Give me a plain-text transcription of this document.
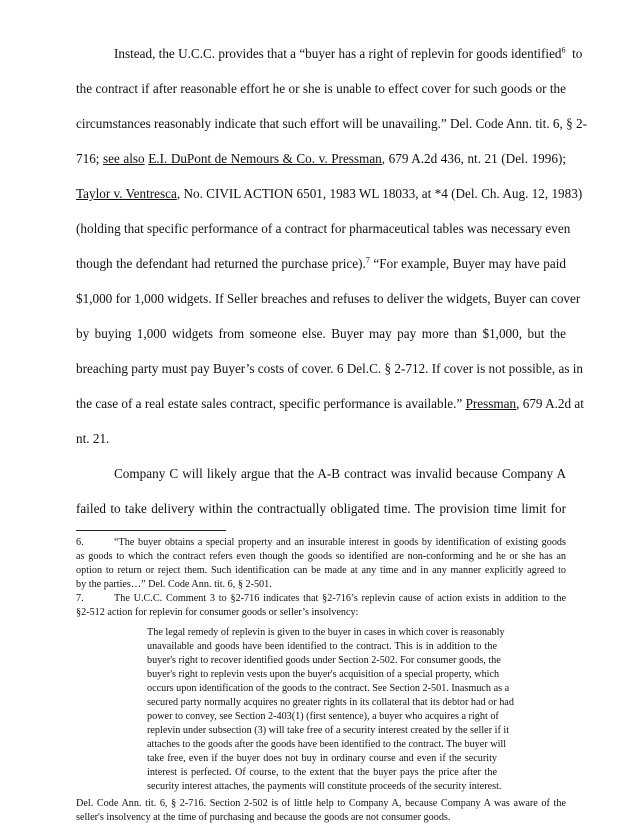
Instead, the U.C.C. provides that a “buyer has a right of replevin for goods identified$^6$ to
the contract if after reasonable effort he or she is unable to effect cover for such goods or the
circumstances reasonably indicate that such effort will be unavailing.” Del. Code Ann. tit. 6, § 2-
716; see also E.I. DuPont de Nemours & Co. v. Pressman, 679 A.2d 436, nt. 21 (Del. 1996);
Taylor v. Ventresca, No. CIVIL ACTION 6501, 1983 WL 18033, at *4 (Del. Ch. Aug. 12, 1983)
(holding that specific performance of a contract for pharmaceutical tables was necessary even
though the defendant had returned the purchase price).$^7$ “For example, Buyer may have paid
$1,000 for 1,000 widgets. If Seller breaches and refuses to deliver the widgets, Buyer can cover
by buying 1,000 widgets from someone else. Buyer may pay more than $1,000, but the
breaching party must pay Buyer’s costs of cover. 6 Del.C. § 2-712. If cover is not possible, as in
the case of a real estate sales contract, specific performance is available.” Pressman, 679 A.2d at
nt. 21.
Company C will likely argue that the A-B contract was invalid because Company A
failed to take delivery within the contractually obligated time. The provision time limit for
6.	“The buyer obtains a special property and an insurable interest in goods by identification of existing goods
as goods to which the contract refers even though the goods so identified are non-conforming and he or she has an
option to return or reject them. Such identification can be made at any time and in any manner explicitly agreed to
by the parties…” Del. Code Ann. tit. 6, § 2-501.
7.	The U.C.C. Comment 3 to §2-716 indicates that §2-716’s replevin cause of action exists in addition to the
§2-512 action for replevin for consumer goods or seller’s insolvency:
The legal remedy of replevin is given to the buyer in cases in which cover is reasonably
unavailable and goods have been identified to the contract. This is in addition to the
buyer's right to recover identified goods under Section 2-502. For consumer goods, the
buyer's right to replevin vests upon the buyer's acquisition of a special property, which
occurs upon identification of the goods to the contract. See Section 2-501. Inasmuch as a
secured party normally acquires no greater rights in its collateral that its debtor had or had
power to convey, see Section 2-403(1) (first sentence), a buyer who acquires a right of
replevin under subsection (3) will take free of a security interest created by the seller if it
attaches to the goods after the goods have been identified to the contract. The buyer will
take free, even if the buyer does not buy in ordinary course and even if the security
interest is perfected. Of course, to the extent that the buyer pays the price after the
security interest attaches, the payments will constitute proceeds of the security interest.
Del. Code Ann. tit. 6, § 2-716. Section 2-502 is of little help to Company A, because Company A was aware of the
seller's insolvency at the time of purchasing and because the goods are not consumer goods.
